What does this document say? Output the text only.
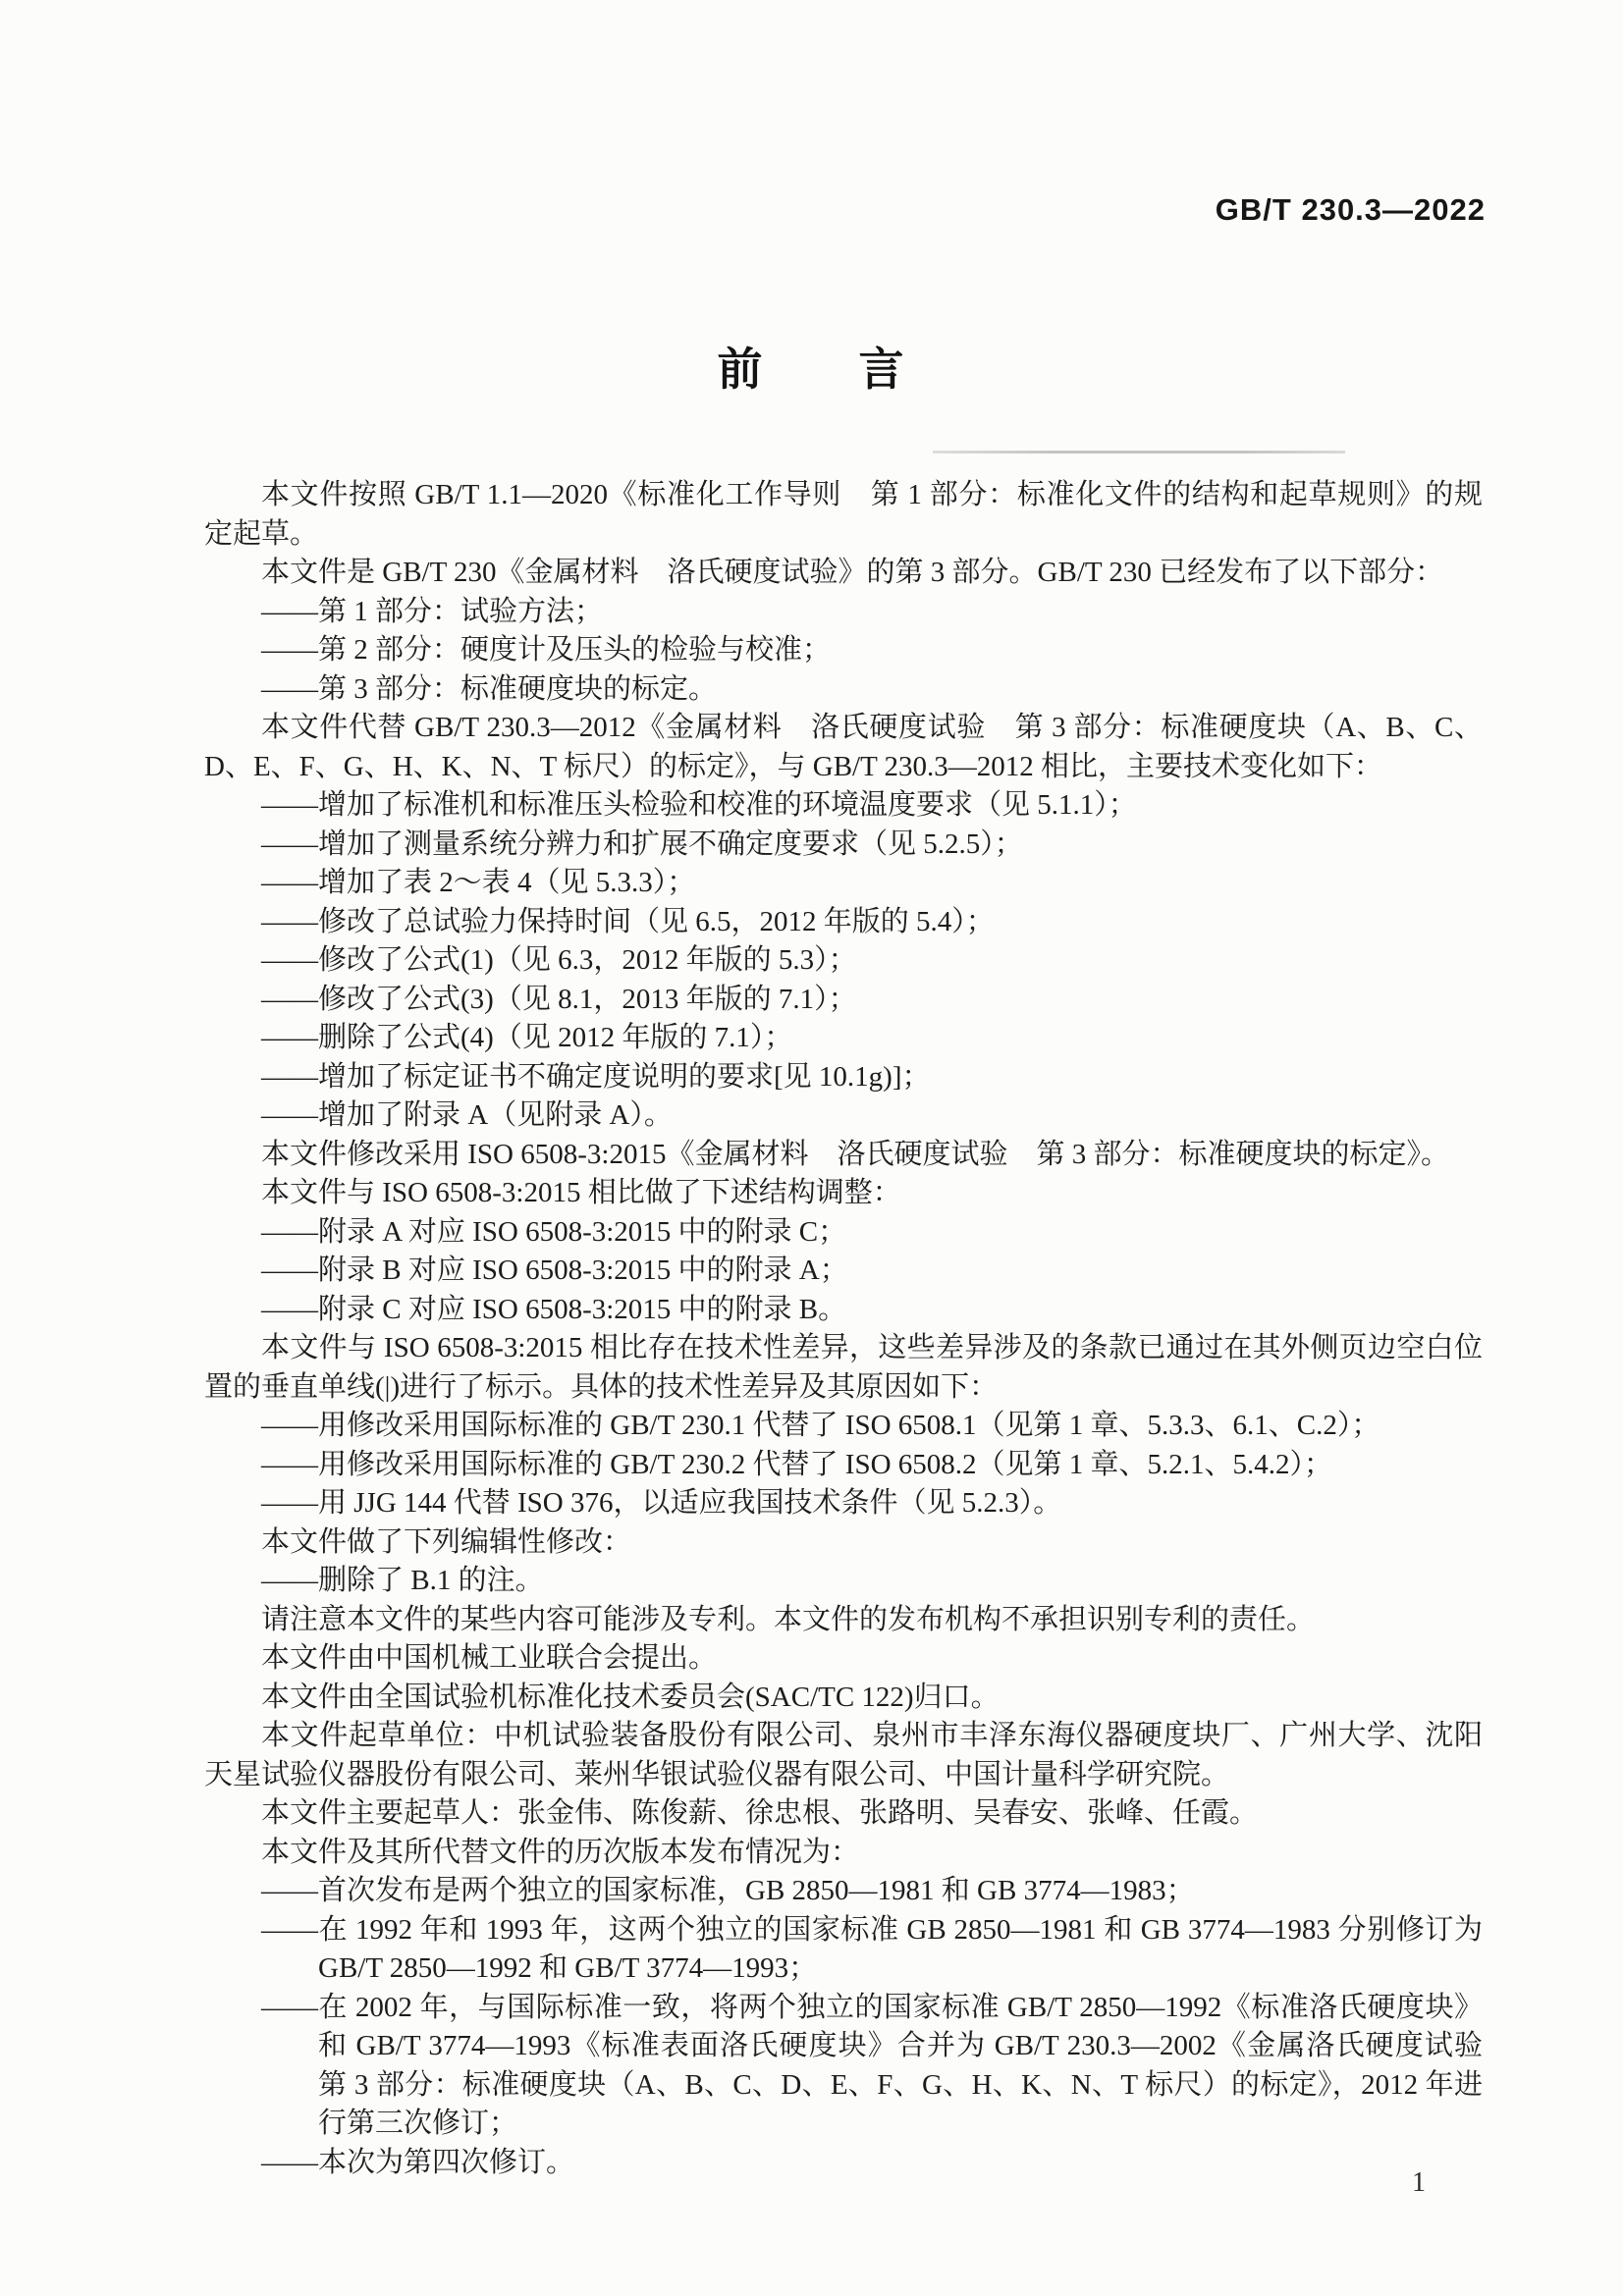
GB/T 230.3—2022
前　　言

本文件按照 GB/T 1.1—2020《标准化工作导则　第 1 部分：标准化文件的结构和起草规则》的规定起草。

本文件是 GB/T 230《金属材料　洛氏硬度试验》的第 3 部分。GB/T 230 已经发布了以下部分：

——第 1 部分：试验方法；

——第 2 部分：硬度计及压头的检验与校准；

——第 3 部分：标准硬度块的标定。

本文件代替 GB/T 230.3—2012《金属材料　洛氏硬度试验　第 3 部分：标准硬度块（A、B、C、D、E、F、G、H、K、N、T 标尺）的标定》，与 GB/T 230.3—2012 相比，主要技术变化如下：

——增加了标准机和标准压头检验和校准的环境温度要求（见 5.1.1）；

——增加了测量系统分辨力和扩展不确定度要求（见 5.2.5）；

——增加了表 2～表 4（见 5.3.3）；

——修改了总试验力保持时间（见 6.5，2012 年版的 5.4）；

——修改了公式(1)（见 6.3，2012 年版的 5.3）；

——修改了公式(3)（见 8.1，2013 年版的 7.1）；

——删除了公式(4)（见 2012 年版的 7.1）；

——增加了标定证书不确定度说明的要求[见 10.1g)]；

——增加了附录 A（见附录 A）。

本文件修改采用 ISO 6508-3:2015《金属材料　洛氏硬度试验　第 3 部分：标准硬度块的标定》。

本文件与 ISO 6508-3:2015 相比做了下述结构调整：

——附录 A 对应 ISO 6508-3:2015 中的附录 C；

——附录 B 对应 ISO 6508-3:2015 中的附录 A；

——附录 C 对应 ISO 6508-3:2015 中的附录 B。

本文件与 ISO 6508-3:2015 相比存在技术性差异，这些差异涉及的条款已通过在其外侧页边空白位置的垂直单线(|)进行了标示。具体的技术性差异及其原因如下：

——用修改采用国际标准的 GB/T 230.1 代替了 ISO 6508.1（见第 1 章、5.3.3、6.1、C.2）；

——用修改采用国际标准的 GB/T 230.2 代替了 ISO 6508.2（见第 1 章、5.2.1、5.4.2）；

——用 JJG 144 代替 ISO 376，以适应我国技术条件（见 5.2.3）。

本文件做了下列编辑性修改：

——删除了 B.1 的注。

请注意本文件的某些内容可能涉及专利。本文件的发布机构不承担识别专利的责任。

本文件由中国机械工业联合会提出。

本文件由全国试验机标准化技术委员会(SAC/TC 122)归口。

本文件起草单位：中机试验装备股份有限公司、泉州市丰泽东海仪器硬度块厂、广州大学、沈阳天星试验仪器股份有限公司、莱州华银试验仪器有限公司、中国计量科学研究院。

本文件主要起草人：张金伟、陈俊薪、徐忠根、张路明、吴春安、张峰、任霞。

本文件及其所代替文件的历次版本发布情况为：

——首次发布是两个独立的国家标准，GB 2850—1981 和 GB 3774—1983；

——在 1992 年和 1993 年，这两个独立的国家标准 GB 2850—1981 和 GB 3774—1983 分别修订为 GB/T 2850—1992 和 GB/T 3774—1993；

——在 2002 年，与国际标准一致，将两个独立的国家标准 GB/T 2850—1992《标准洛氏硬度块》和 GB/T 3774—1993《标准表面洛氏硬度块》合并为 GB/T 230.3—2002《金属洛氏硬度试验　第 3 部分：标准硬度块（A、B、C、D、E、F、G、H、K、N、T 标尺）的标定》，2012 年进行第三次修订；

——本次为第四次修订。

1
